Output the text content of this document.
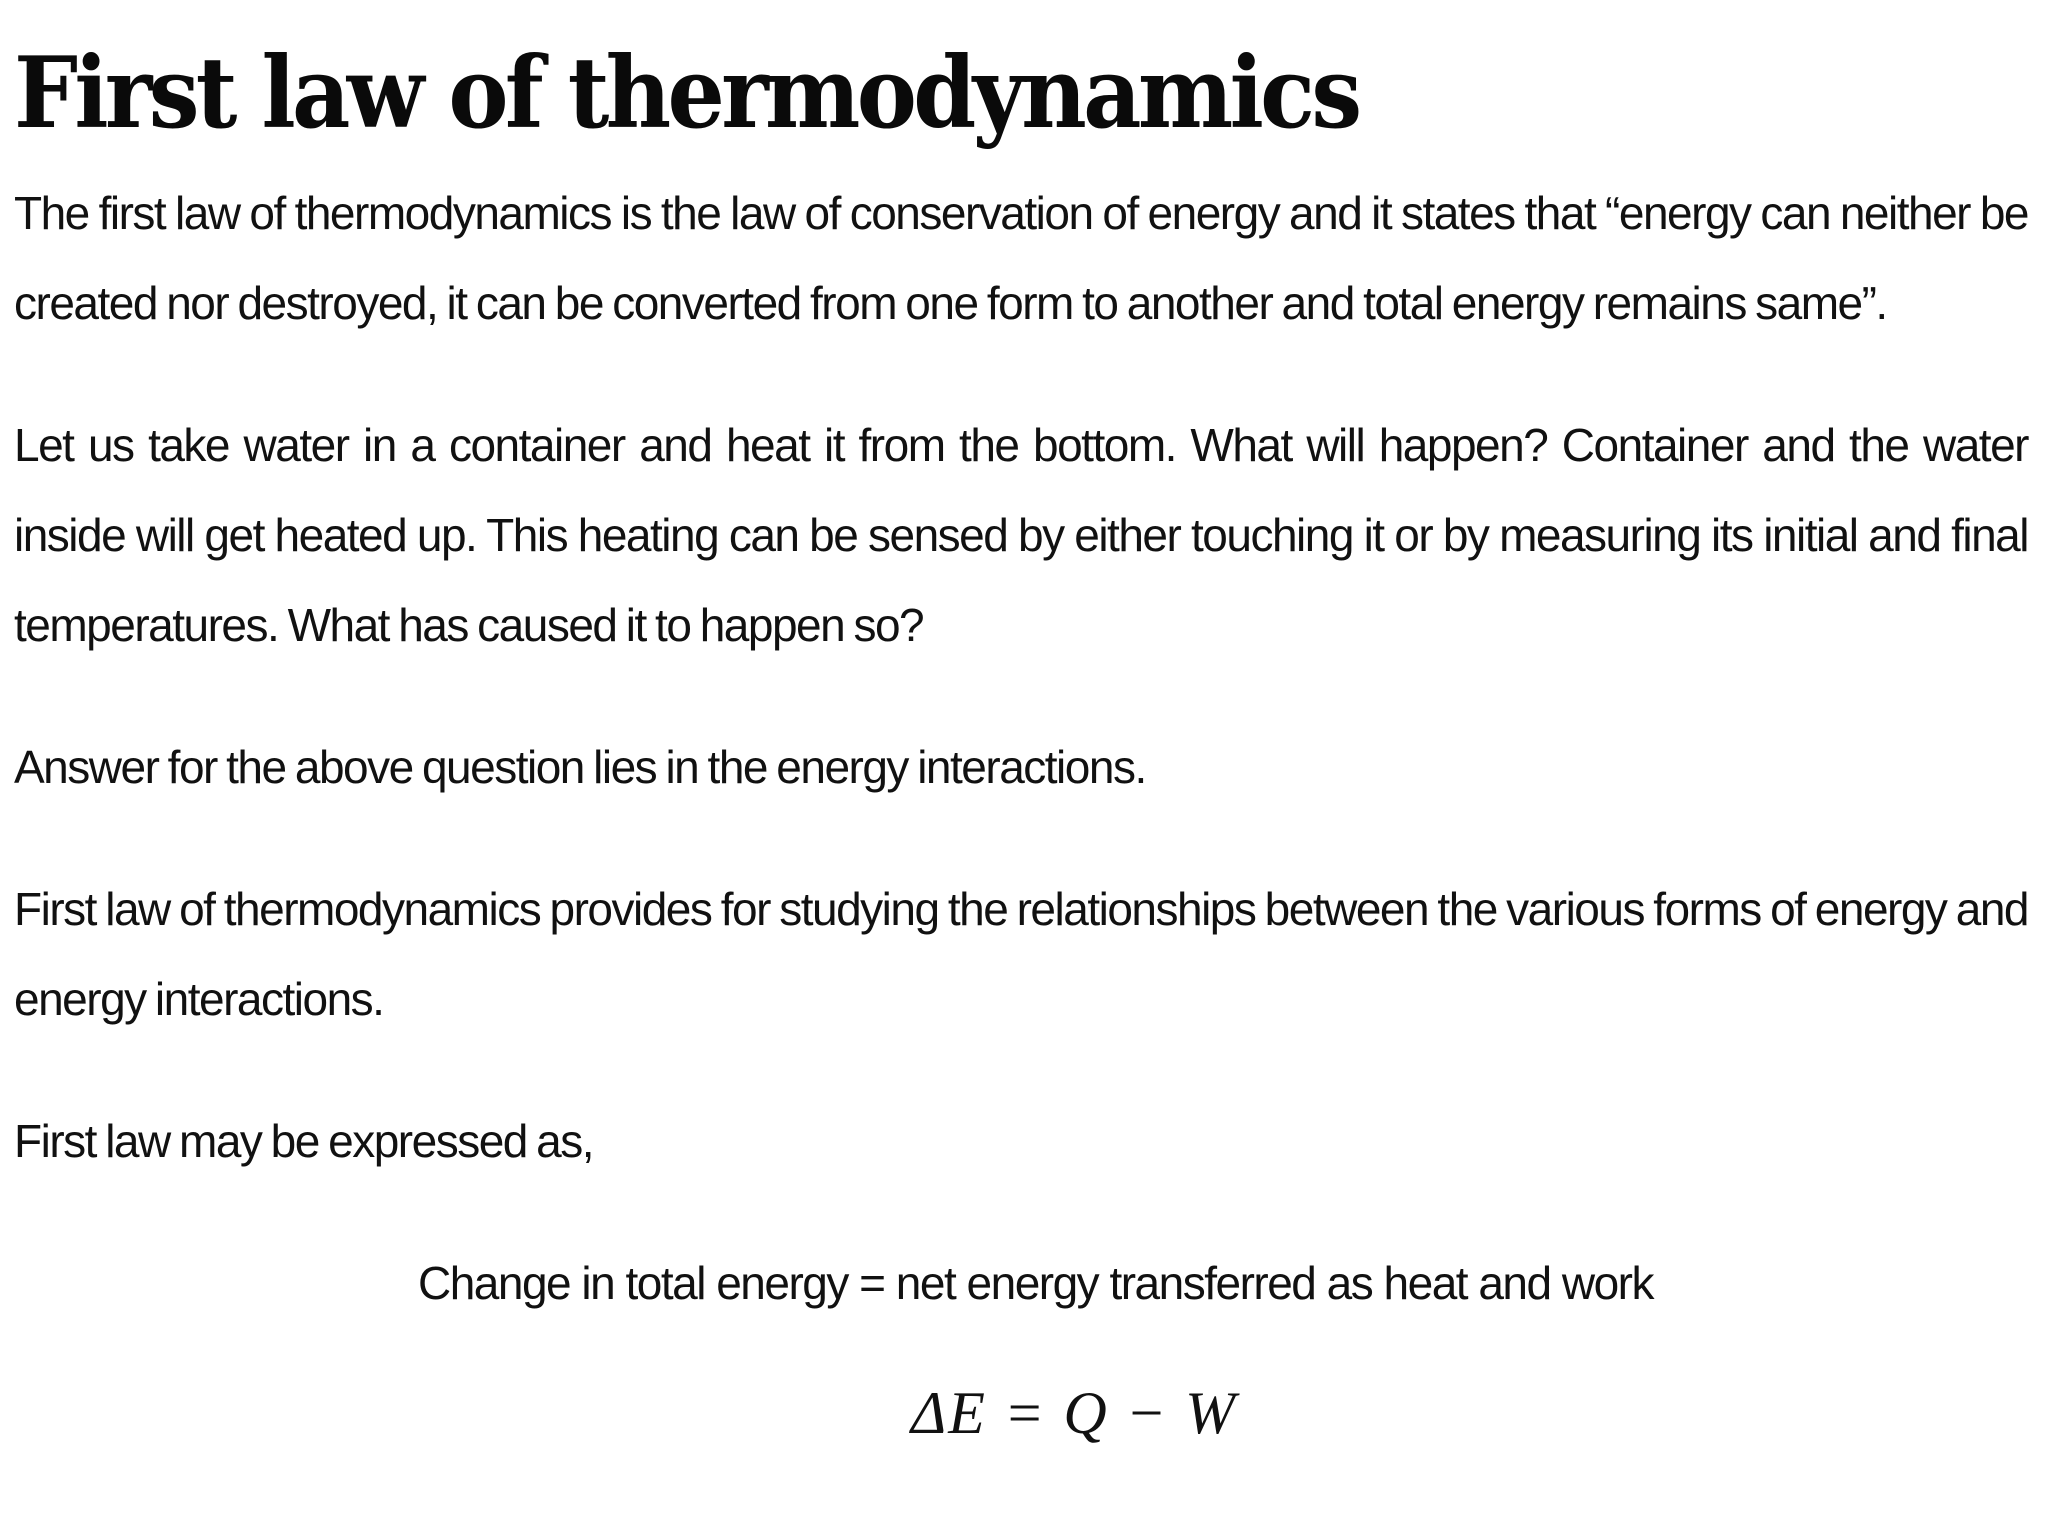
First law of thermodynamics

The first law of thermodynamics is the law of conservation of energy and it states that “energy can neither be created nor destroyed, it can be converted from one form to another and total energy remains same”.

Let us take water in a container and heat it from the bottom. What will happen? Container and the water inside will get heated up. This heating can be sensed by either touching it or by measuring its initial and final temperatures. What has caused it to happen so?

Answer for the above question lies in the energy interactions.

First law of thermodynamics provides for studying the relationships between the various forms of energy and energy interactions.

First law may be expressed as,

Change in total energy = net energy transferred as heat and work
ΔE = Q − W
